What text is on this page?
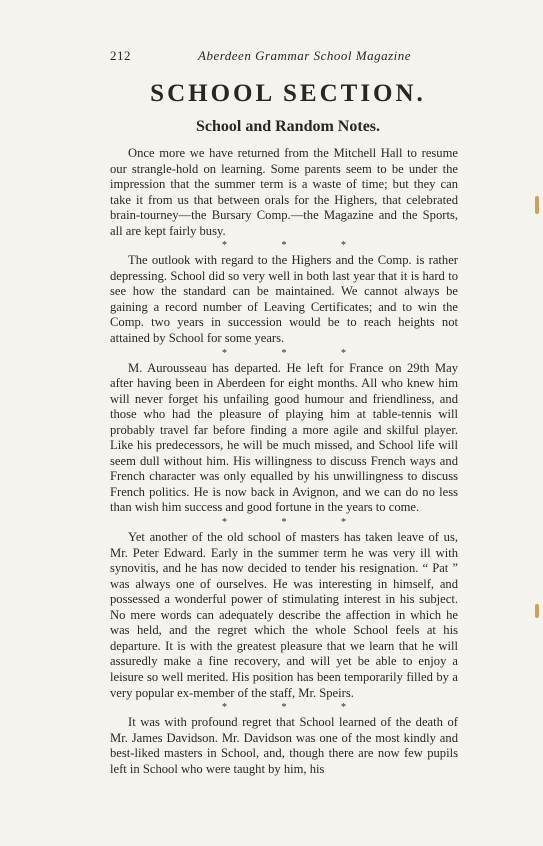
212	Aberdeen Grammar School Magazine
SCHOOL SECTION.
School and Random Notes.

Once more we have returned from the Mitchell Hall to resume our strangle-hold on learning. Some parents seem to be under the impression that the summer term is a waste of time; but they can take it from us that between orals for the Highers, that celebrated brain-tourney—the Bursary Comp.—the Magazine and the Sports, all are kept fairly busy.

* * *

The outlook with regard to the Highers and the Comp. is rather depressing. School did so very well in both last year that it is hard to see how the standard can be maintained. We cannot always be gaining a record number of Leaving Certificates; and to win the Comp. two years in succession would be to reach heights not attained by School for some years.

* * *

M. Aurousseau has departed. He left for France on 29th May after having been in Aberdeen for eight months. All who knew him will never forget his unfailing good humour and friendliness, and those who had the pleasure of playing him at table-tennis will probably travel far before finding a more agile and skilful player. Like his predecessors, he will be much missed, and School life will seem dull without him. His willingness to discuss French ways and French character was only equalled by his unwillingness to discuss French politics. He is now back in Avignon, and we can do no less than wish him success and good fortune in the years to come.

* * *

Yet another of the old school of masters has taken leave of us, Mr. Peter Edward. Early in the summer term he was very ill with synovitis, and he has now decided to tender his resignation. “ Pat ” was always one of ourselves. He was interesting in himself, and possessed a wonderful power of stimulating interest in his subject. No mere words can adequately describe the affection in which he was held, and the regret which the whole School feels at his departure. It is with the greatest pleasure that we learn that he will assuredly make a fine recovery, and will yet be able to enjoy a leisure so well merited. His position has been temporarily filled by a very popular ex-member of the staff, Mr. Speirs.

* * *

It was with profound regret that School learned of the death of Mr. James Davidson. Mr. Davidson was one of the most kindly and best-liked masters in School, and, though there are now few pupils left in School who were taught by him, his
